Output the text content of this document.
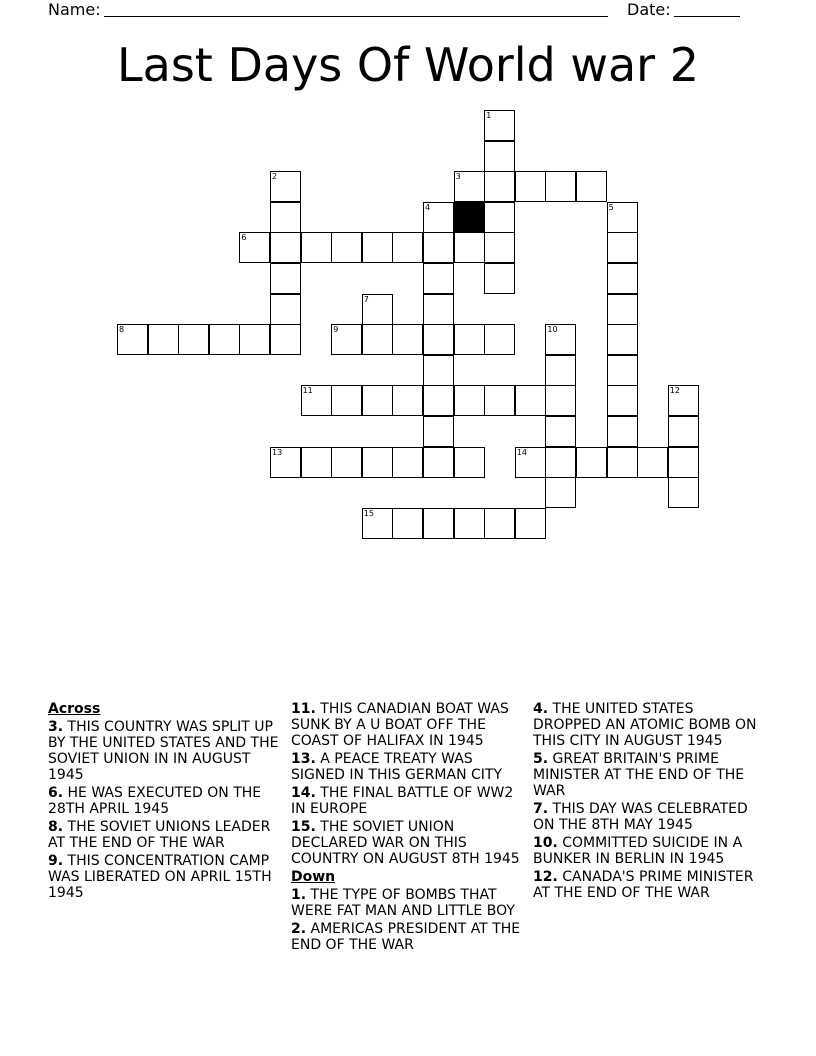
Name:	Date:
Last Days Of World war 2
1
2	3
4	5
6
7
8	9	10
11	12
13	14
15
Across
3. THIS COUNTRY WAS SPLIT UP BY THE UNITED STATES AND THE SOVIET UNION IN IN AUGUST 1945
6. HE WAS EXECUTED ON THE 28TH APRIL 1945
8. THE SOVIET UNIONS LEADER AT THE END OF THE WAR
9. THIS CONCENTRATION CAMP WAS LIBERATED ON APRIL 15TH 1945
11. THIS CANADIAN BOAT WAS SUNK BY A U BOAT OFF THE COAST OF HALIFAX IN 1945
13. A PEACE TREATY WAS SIGNED IN THIS GERMAN CITY
14. THE FINAL BATTLE OF WW2 IN EUROPE
15. THE SOVIET UNION DECLARED WAR ON THIS COUNTRY ON AUGUST 8TH 1945
Down
1. THE TYPE OF BOMBS THAT WERE FAT MAN AND LITTLE BOY
2. AMERICAS PRESIDENT AT THE END OF THE WAR
4. THE UNITED STATES DROPPED AN ATOMIC BOMB ON THIS CITY IN AUGUST 1945
5. GREAT BRITAIN'S PRIME MINISTER AT THE END OF THE WAR
7. THIS DAY WAS CELEBRATED ON THE 8TH MAY 1945
10. COMMITTED SUICIDE IN A BUNKER IN BERLIN IN 1945
12. CANADA'S PRIME MINISTER AT THE END OF THE WAR
